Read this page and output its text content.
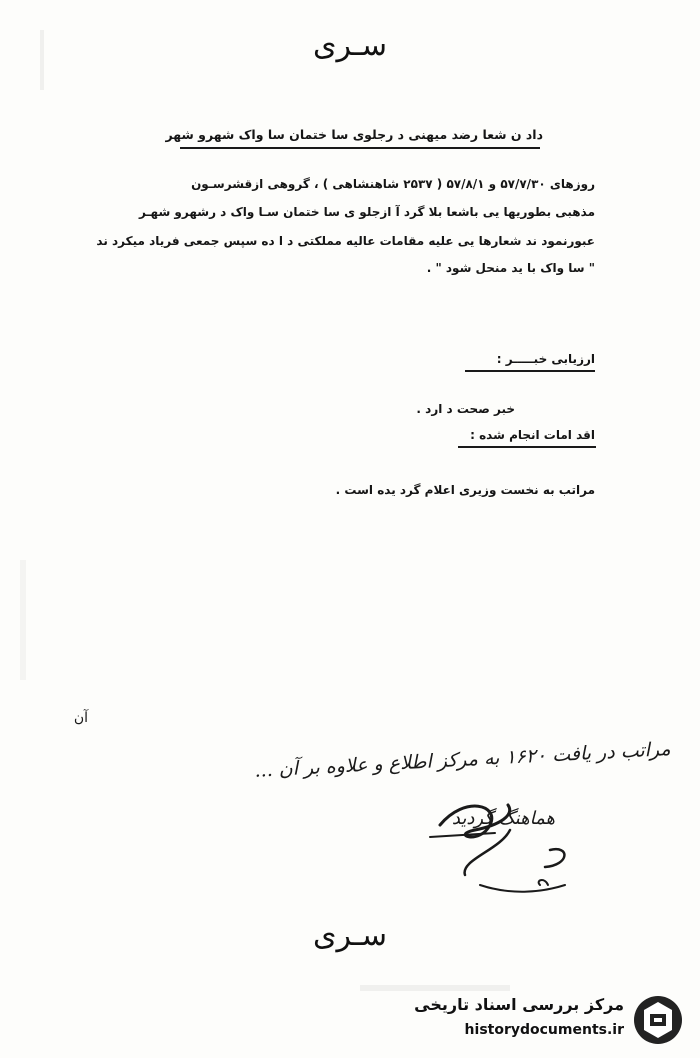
سـرى
داد ن شعا رضد میهنی د رجلوی سا ختمان سا واک شهرو شهر
روزهای ۵۷/۷/۳۰ و ۵۷/۸/۱ ( ۲۵۳۷ شاهنشاهی ) ، گروهی ازقشرسـون
مذهبی بطوریها یی باشعا بلا گرد آ ازجلو ی سا ختمان سـا واک د رشهرو شهـر
عبورنمود ند شعارها یی علیه مقامات عالیه مملکتی د ا ده سپس جمعی فریاد میکرد ند
" سا واک با ید منحل شود " .
ارزیابی خبـــــر :
خبر صحت د ارد .
اقد امات انجام شده :
مراتب به نخست وزیری اعلام گرد یده است .
آن
مراتب در یافت ۱۶۲۰ به مرکز اطلاع و علاوه بر آن ...
هماهنگ گردید
سـرى
مرکز بررسی اسناد تاریخی
historydocuments.ir
